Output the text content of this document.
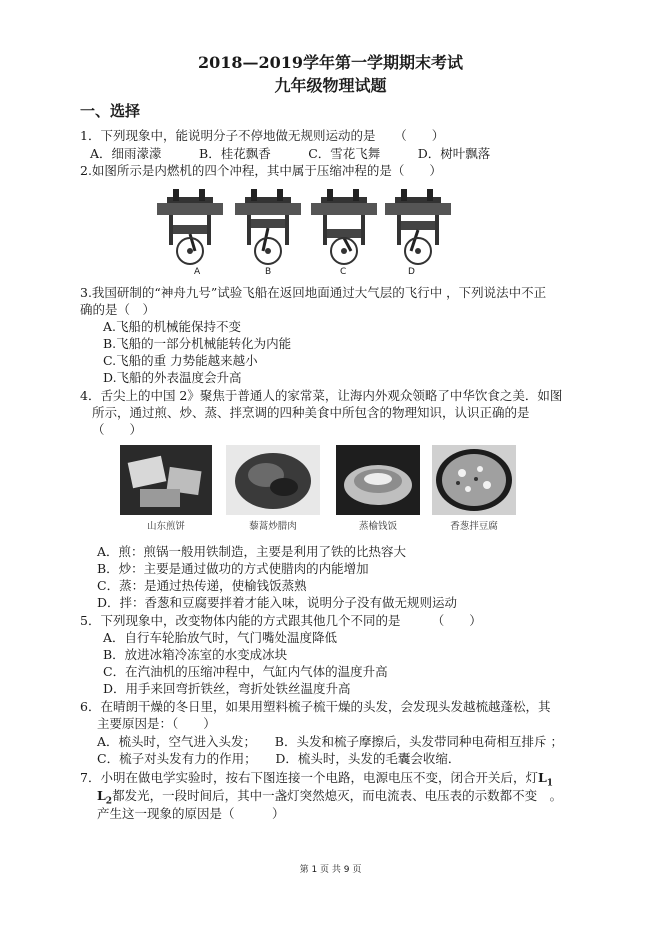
2018—2019学年第一学期期末考试
九年级物理试题
一、选择
1．下列现象中，能说明分子不停地做无规则运动的是　　（　　）
A．细雨濛濛　　　B．桂花飘香　　　C．雪花飞舞　　　D．树叶飘落
2.如图所示是内燃机的四个冲程，其中属于压缩冲程的是（　　）
A	B	C	D
3.我国研制的“神舟九号”试验飞船在返回地面通过大气层的飞行中 ，下列说法中不正
确的是（　）
A.飞船的机械能保持不变
B.飞船的一部分机械能转化为内能
C.飞船的重 力势能越来越小
D.飞船的外表温度会升高
4．舌尖上的中国 2》聚焦于普通人的家常菜，让海内外观众领略了中华饮食之美．如图
所示，通过煎、炒、蒸、拌烹调的四种美食中所包含的物理知识，认识正确的是
（　　）
山东煎饼	藜蒿炒腊肉	蒸榆钱饭	香葱拌豆腐
A．煎：煎锅一般用铁制造，主要是利用了铁的比热容大
B．炒：主要是通过做功的方式使腊肉的内能增加
C．蒸：是通过热传递，使榆钱饭蒸熟
D．拌：香葱和豆腐要拌着才能入味，说明分子没有做无规则运动
5．下列现象中，改变物体内能的方式跟其他几个不同的是　　　（　　）
A．自行车轮胎放气时，气门嘴处温度降低
B．放进冰箱冷冻室的水变成冰块
C．在汽油机的压缩冲程中，气缸内气体的温度升高
D．用手来回弯折铁丝，弯折处铁丝温度升高
6．在晴朗干燥的冬日里，如果用塑料梳子梳干燥的头发，会发现头发越梳越蓬松，其
主要原因是：（　　）
A．梳头时，空气进入头发；　　B．头发和梳子摩擦后，头发带同种电荷相互排斥 ；
C．梳子对头发有力的作用；　　D．梳头时，头发的毛囊会收缩．
7．小明在做电学实验时，按右下图连接一个电路，电源电压不变，闭合开关后，灯$L_1$
$L_2$都发光，一段时间后，其中一盏灯突然熄灭，而电流表、电压表的示数都不变　。
产生这一现象的原因是（　　　）
第 1 页 共 9 页
